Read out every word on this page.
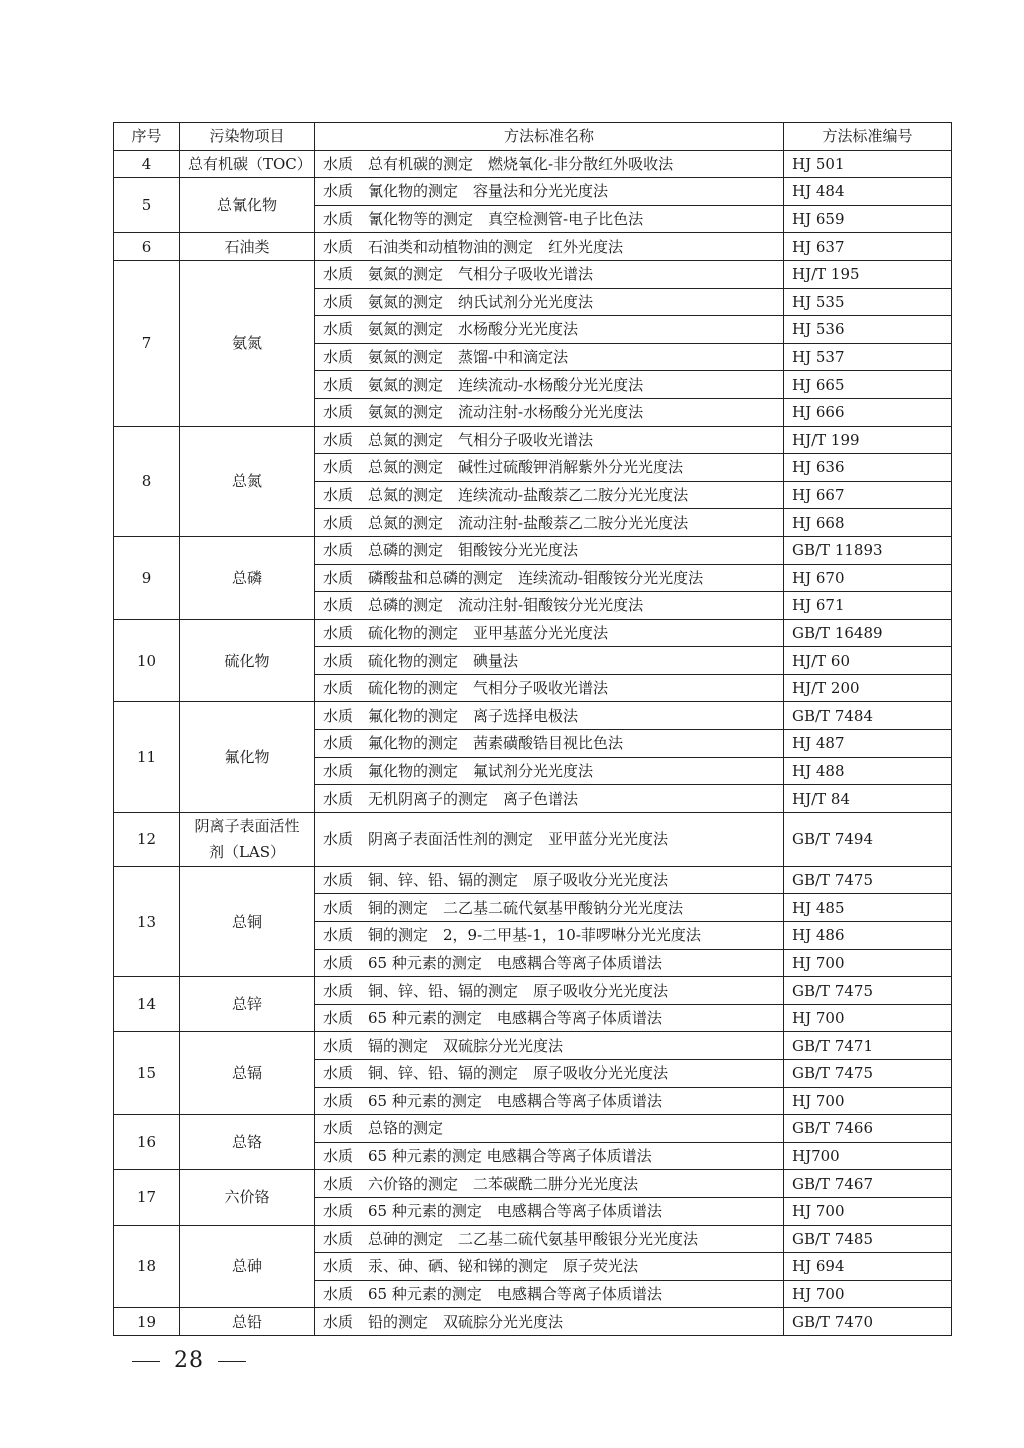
序号	污染物项目	方法标准名称	方法标准编号
4	总有机碳（TOC）	水质　总有机碳的测定　燃烧氧化-非分散红外吸收法	HJ 501
5	总氰化物	水质　氰化物的测定　容量法和分光光度法	HJ 484
		水质　氰化物等的测定　真空检测管-电子比色法	HJ 659
6	石油类	水质　石油类和动植物油的测定　红外光度法	HJ 637
7	氨氮	水质　氨氮的测定　气相分子吸收光谱法	HJ/T 195
		水质　氨氮的测定　纳氏试剂分光光度法	HJ 535
		水质　氨氮的测定　水杨酸分光光度法	HJ 536
		水质　氨氮的测定　蒸馏-中和滴定法	HJ 537
		水质　氨氮的测定　连续流动-水杨酸分光光度法	HJ 665
		水质　氨氮的测定　流动注射-水杨酸分光光度法	HJ 666
8	总氮	水质　总氮的测定　气相分子吸收光谱法	HJ/T 199
		水质　总氮的测定　碱性过硫酸钾消解紫外分光光度法	HJ 636
		水质　总氮的测定　连续流动-盐酸萘乙二胺分光光度法	HJ 667
		水质　总氮的测定　流动注射-盐酸萘乙二胺分光光度法	HJ 668
9	总磷	水质　总磷的测定　钼酸铵分光光度法	GB/T 11893
		水质　磷酸盐和总磷的测定　连续流动-钼酸铵分光光度法	HJ 670
		水质　总磷的测定　流动注射-钼酸铵分光光度法	HJ 671
10	硫化物	水质　硫化物的测定　亚甲基蓝分光光度法	GB/T 16489
		水质　硫化物的测定　碘量法	HJ/T 60
		水质　硫化物的测定　气相分子吸收光谱法	HJ/T 200
11	氟化物	水质　氟化物的测定　离子选择电极法	GB/T 7484
		水质　氟化物的测定　茜素磺酸锆目视比色法	HJ 487
		水质　氟化物的测定　氟试剂分光光度法	HJ 488
		水质　无机阴离子的测定　离子色谱法	HJ/T 84
12	阴离子表面活性剂（LAS）	水质　阴离子表面活性剂的测定　亚甲蓝分光光度法	GB/T 7494
13	总铜	水质　铜、锌、铅、镉的测定　原子吸收分光光度法	GB/T 7475
		水质　铜的测定　二乙基二硫代氨基甲酸钠分光光度法	HJ 485
		水质　铜的测定　2，9-二甲基-1，10-菲啰啉分光光度法	HJ 486
		水质　65 种元素的测定　电感耦合等离子体质谱法	HJ 700
14	总锌	水质　铜、锌、铅、镉的测定　原子吸收分光光度法	GB/T 7475
		水质　65 种元素的测定　电感耦合等离子体质谱法	HJ 700
15	总镉	水质　镉的测定　双硫腙分光光度法	GB/T 7471
		水质　铜、锌、铅、镉的测定　原子吸收分光光度法	GB/T 7475
		水质　65 种元素的测定　电感耦合等离子体质谱法	HJ 700
16	总铬	水质　总铬的测定	GB/T 7466
		水质　65 种元素的测定 电感耦合等离子体质谱法	HJ700
17	六价铬	水质　六价铬的测定　二苯碳酰二肼分光光度法	GB/T 7467
		水质　65 种元素的测定　电感耦合等离子体质谱法	HJ 700
18	总砷	水质　总砷的测定　二乙基二硫代氨基甲酸银分光光度法	GB/T 7485
		水质　汞、砷、硒、铋和锑的测定　原子荧光法	HJ 694
		水质　65 种元素的测定　电感耦合等离子体质谱法	HJ 700
19	总铅	水质　铅的测定　双硫腙分光光度法	GB/T 7470
28
